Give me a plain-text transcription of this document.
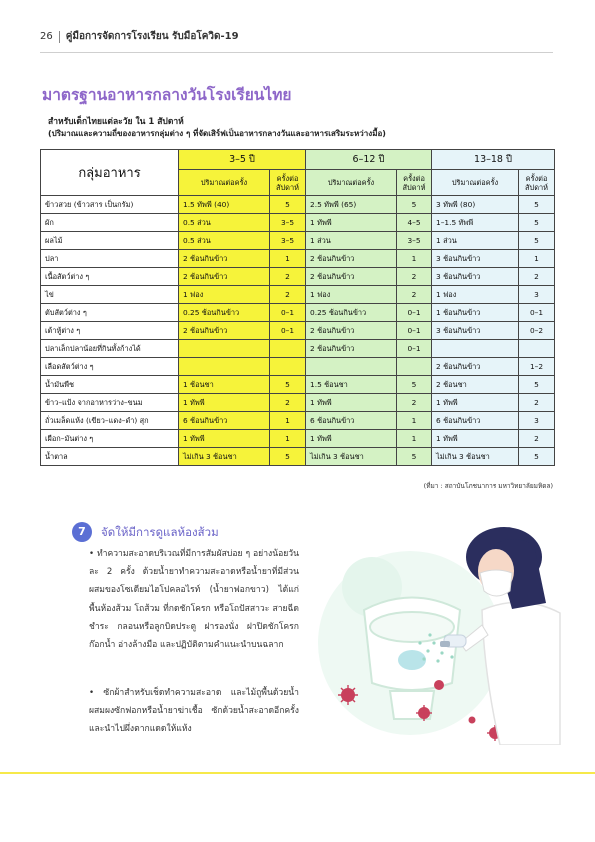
26 คู่มือการจัดการโรงเรียน รับมือโควิด-19
มาตรฐานอาหารกลางวันโรงเรียนไทย
สำหรับเด็กไทยแต่ละวัย ใน 1 สัปดาห์
(ปริมาณและความถี่ของอาหารกลุ่มต่าง ๆ ที่จัดเสิร์ฟเป็นอาหารกลางวันและอาหารเสริมระหว่างมื้อ)
กลุ่มอาหาร	3–5 ปี		6–12 ปี		13–18 ปี	
	ปริมาณต่อครั้ง	ครั้งต่อ สัปดาห์	ปริมาณต่อครั้ง	ครั้งต่อ สัปดาห์	ปริมาณต่อครั้ง	ครั้งต่อ สัปดาห์
ข้าวสวย (ข้าวสาร เป็นกรัม)	1.5 ทัพพี (40)	5	2.5 ทัพพี (65)	5	3 ทัพพี (80)	5
ผัก	0.5 ส่วน	3–5	1 ทัพพี	4–5	1–1.5 ทัพพี	5
ผลไม้	0.5 ส่วน	3–5	1 ส่วน	3–5	1 ส่วน	5
ปลา	2 ช้อนกินข้าว	1	2 ช้อนกินข้าว	1	3 ช้อนกินข้าว	1
เนื้อสัตว์ต่าง ๆ	2 ช้อนกินข้าว	2	2 ช้อนกินข้าว	2	3 ช้อนกินข้าว	2
ไข่	1 ฟอง	2	1 ฟอง	2	1 ฟอง	3
ตับสัตว์ต่าง ๆ	0.25 ช้อนกินข้าว	0–1	0.25 ช้อนกินข้าว	0–1	1 ช้อนกินข้าว	0–1
เต้าหู้ต่าง ๆ	2 ช้อนกินข้าว	0–1	2 ช้อนกินข้าว	0–1	3 ช้อนกินข้าว	0–2
ปลาเล็กปลาน้อยที่กินทั้งก้างได้			2 ช้อนกินข้าว	0–1		
เลือดสัตว์ต่าง ๆ					2 ช้อนกินข้าว	1–2
น้ำมันพืช	1 ช้อนชา	5	1.5 ช้อนชา	5	2 ช้อนชา	5
ข้าว–แป้ง จากอาหารว่าง–ขนม	1 ทัพพี	2	1 ทัพพี	2	1 ทัพพี	2
ถั่วเมล็ดแห้ง (เขียว–แดง–ดำ) สุก	6 ช้อนกินข้าว	1	6 ช้อนกินข้าว	1	6 ช้อนกินข้าว	3
เผือก–มันต่าง ๆ	1 ทัพพี	1	1 ทัพพี	1	1 ทัพพี	2
น้ำตาล	ไม่เกิน 3 ช้อนชา	5	ไม่เกิน 3 ช้อนชา	5	ไม่เกิน 3 ช้อนชา	5
(ที่มา : สถาบันโภชนาการ มหาวิทยาลัยมหิดล)
7	จัดให้มีการดูแลห้องส้วม
• ทำความสะอาดบริเวณที่มีการสัมผัสบ่อย ๆ อย่างน้อยวันละ 2 ครั้ง ด้วยน้ำยาทำความสะอาดหรือน้ำยาที่มีส่วนผสมของโซเดียมไฮโปคลอไรท์ (น้ำยาฟอกขาว) ได้แก่ พื้นห้องส้วม โถส้วม ที่กดชักโครก หรือโถปัสสาวะ สายฉีดชำระ กลอนหรือลูกบิดประตู ฝารองนั่ง ฝาปิดชักโครก ก๊อกน้ำ อ่างล้างมือ และปฏิบัติตามคำแนะนำบนฉลาก
• ซักผ้าสำหรับเช็ดทำความสะอาด และไม้ถูพื้นด้วยน้ำผสมผงซักฟอกหรือน้ำยาฆ่าเชื้อ ซักด้วยน้ำสะอาดอีกครั้ง และนำไปผึ่งตากแดดให้แห้ง
